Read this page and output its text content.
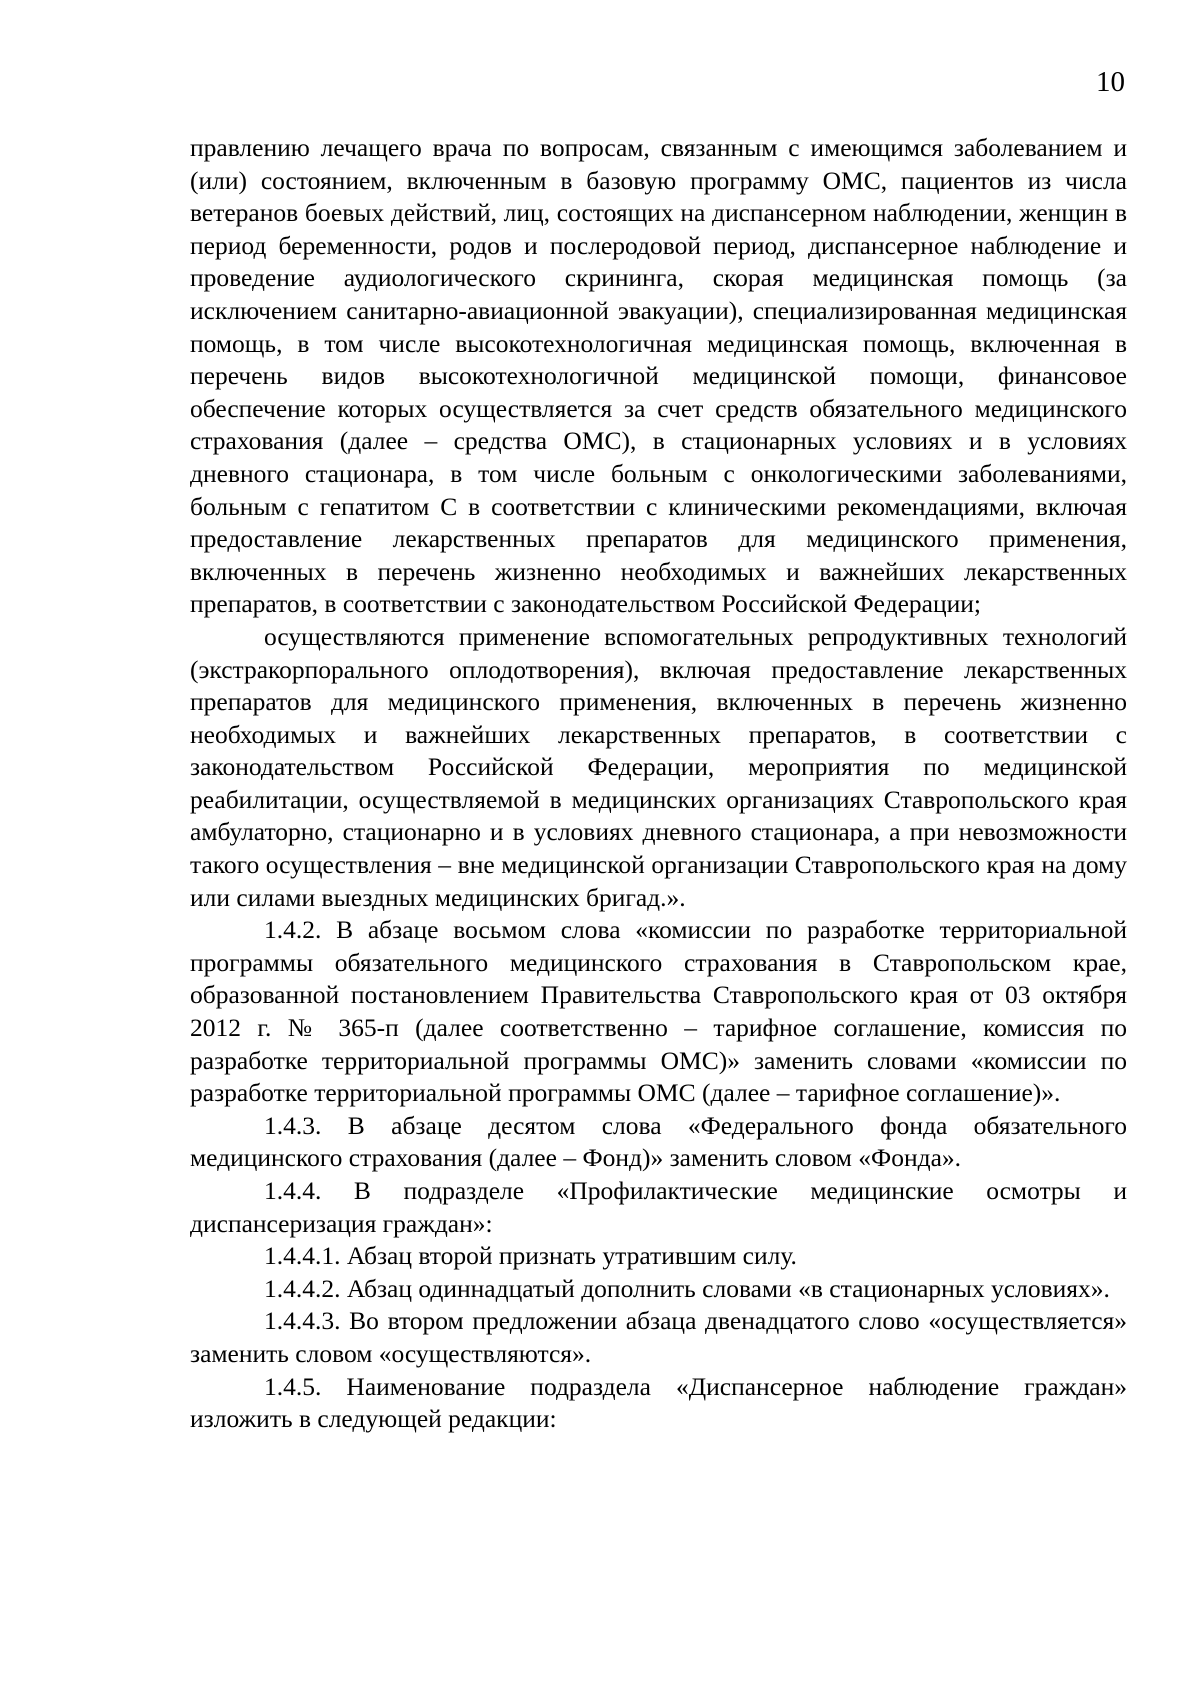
10

правлению лечащего врача по вопросам, связанным с имеющимся заболеванием и (или) состоянием, включенным в базовую программу ОМС, пациентов из числа ветеранов боевых действий, лиц, состоящих на диспансерном наблюдении, женщин в период беременности, родов и послеродовой период, диспансерное наблюдение и проведение аудиологического скрининга, скорая медицинская помощь (за исключением санитарно-авиационной эвакуации), специализированная медицинская помощь, в том числе высокотехнологичная медицинская помощь, включенная в перечень видов высокотехнологичной медицинской помощи, финансовое обеспечение которых осуществляется за счет средств обязательного медицинского страхования (далее – средства ОМС), в стационарных условиях и в условиях дневного стационара, в том числе больным с онкологическими заболеваниями, больным с гепатитом С в соответствии с клиническими рекомендациями, включая предоставление лекарственных препаратов для медицинского применения, включенных в перечень жизненно необходимых и важнейших лекарственных препаратов, в соответствии с законодательством Российской Федерации;

осуществляются применение вспомогательных репродуктивных технологий (экстракорпорального оплодотворения), включая предоставление лекарственных препаратов для медицинского применения, включенных в перечень жизненно необходимых и важнейших лекарственных препаратов, в соответствии с законодательством Российской Федерации, мероприятия по медицинской реабилитации, осуществляемой в медицинских организациях Ставропольского края амбулаторно, стационарно и в условиях дневного стационара, а при невозможности такого осуществления – вне медицинской организации Ставропольского края на дому или силами выездных медицинских бригад.».

1.4.2. В абзаце восьмом слова «комиссии по разработке территориальной программы обязательного медицинского страхования в Ставропольском крае, образованной постановлением Правительства Ставропольского края от 03 октября 2012 г. № 365-п (далее соответственно – тарифное соглашение, комиссия по разработке территориальной программы ОМС)» заменить словами «комиссии по разработке территориальной программы ОМС (далее – тарифное соглашение)».

1.4.3. В абзаце десятом слова «Федерального фонда обязательного медицинского страхования (далее – Фонд)» заменить словом «Фонда».

1.4.4. В подразделе «Профилактические медицинские осмотры и диспансеризация граждан»:

1.4.4.1. Абзац второй признать утратившим силу.

1.4.4.2. Абзац одиннадцатый дополнить словами «в стационарных условиях».

1.4.4.3. Во втором предложении абзаца двенадцатого слово «осуществляется» заменить словом «осуществляются».

1.4.5. Наименование подраздела «Диспансерное наблюдение граждан» изложить в следующей редакции:
